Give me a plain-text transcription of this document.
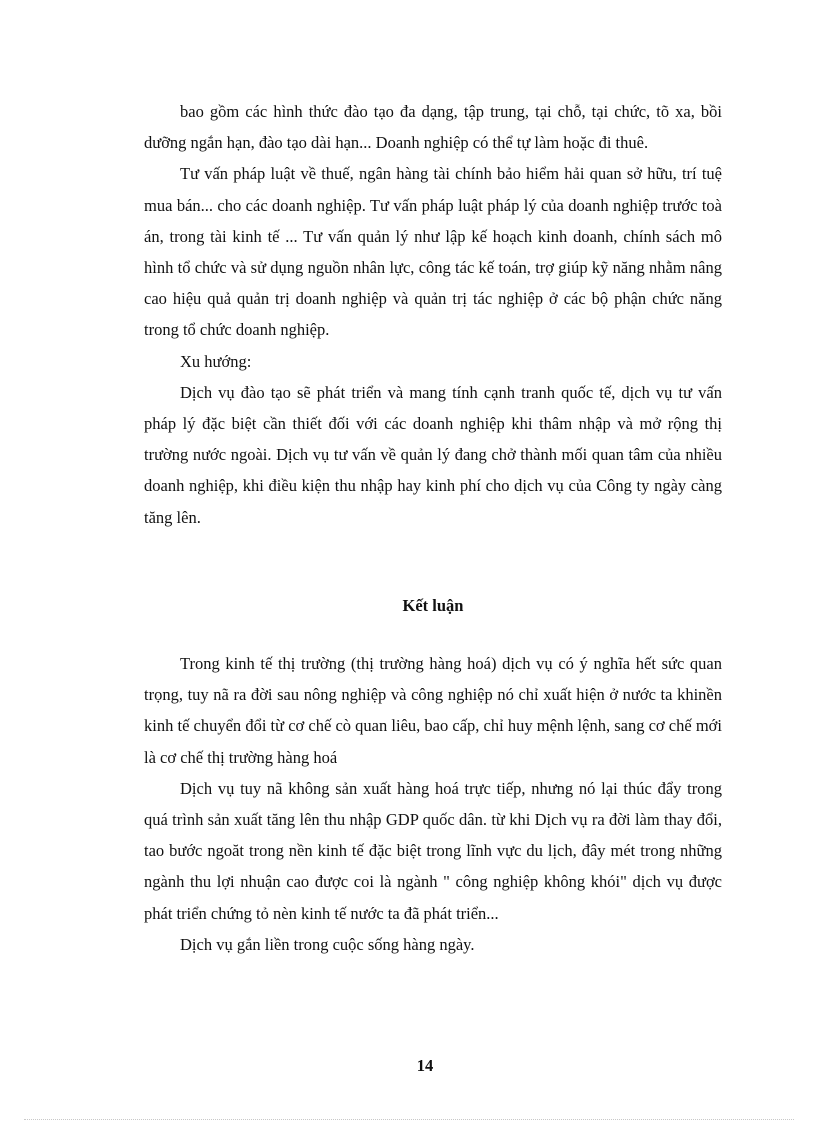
bao gồm các hình thức đào tạo đa dạng, tập trung, tại chỗ, tại chức, tõ xa, bồi dưỡng ngắn hạn, đào tạo dài hạn... Doanh nghiệp có thể tự làm hoặc đi thuê.

Tư vấn pháp luật về thuế, ngân hàng tài chính bảo hiểm hải quan sở hữu, trí tuệ mua bán... cho các doanh nghiệp. Tư vấn pháp luật pháp lý của doanh nghiệp trước toà án, trong tài kinh tế ... Tư vấn quản lý như lập kế hoạch kinh doanh, chính sách mô hình tổ chức và sử dụng nguồn nhân lực, công tác kế toán, trợ giúp kỹ năng nhằm nâng cao hiệu quả quản trị doanh nghiệp và quản trị tác nghiệp ở các bộ phận chức năng trong tổ chức doanh nghiệp.

Xu hướng:

Dịch vụ đào tạo sẽ phát triển và mang tính cạnh tranh quốc tế, dịch vụ tư vấn pháp lý đặc biệt cần thiết đối với các doanh nghiệp khi thâm nhập và mở rộng thị trường nước ngoài. Dịch vụ tư vấn về quản lý đang chở thành mối quan tâm của nhiều doanh nghiệp, khi điều kiện thu nhập hay kinh phí cho dịch vụ của Công ty ngày càng tăng lên.

Kết luận

Trong kinh tế thị trường (thị trường hàng hoá) dịch vụ có ý nghĩa hết sức quan trọng, tuy nã ra đời sau nông nghiệp và công nghiệp nó chỉ xuất hiện ở nước ta khinền kinh tế chuyển đổi từ cơ chế cò quan liêu, bao cấp, chỉ huy mệnh lệnh, sang cơ chế mới là cơ chế thị trường hàng hoá

Dịch vụ tuy nã không sản xuất hàng hoá trực tiếp, nhưng nó lại thúc đẩy trong quá trình sản xuất tăng lên thu nhập GDP quốc dân. từ khi Dịch vụ ra đời làm thay đổi, tao bước ngoăt trong nền kinh tế đặc biệt trong lĩnh vực du lịch, đây mét trong những ngành thu lợi nhuận cao được coi là ngành " công nghiệp không khói" dịch vụ được phát triển chứng tỏ nèn kinh tế nước ta đã phát triển...

Dịch vụ gắn liền trong cuộc sống hàng ngày.

14
